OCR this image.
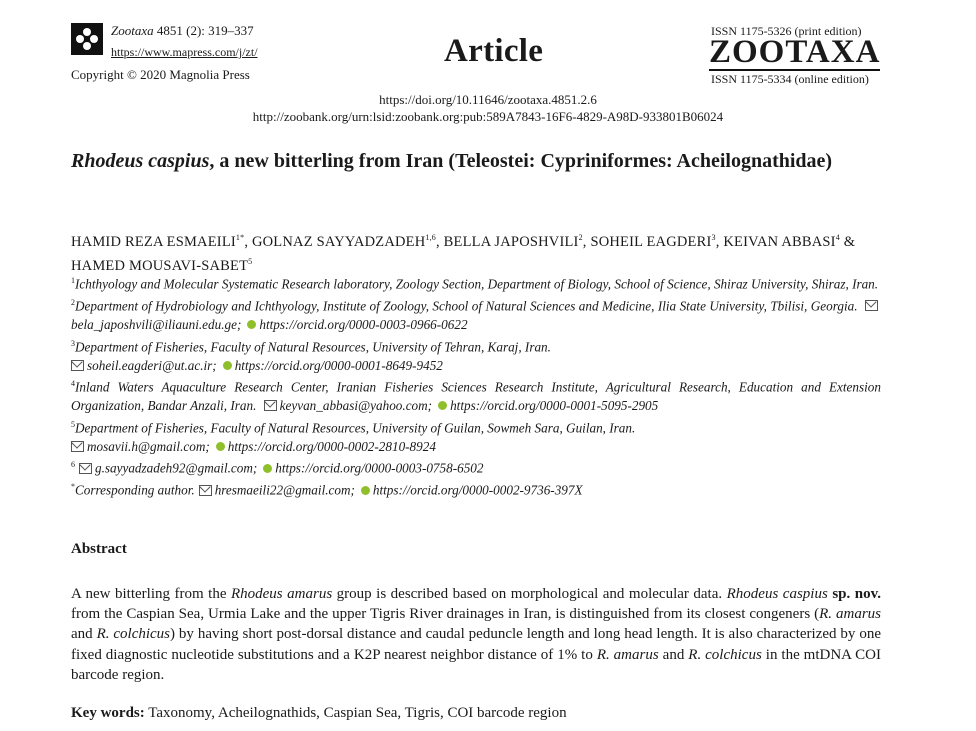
Zootaxa 4851 (2): 319–337
https://www.mapress.com/j/zt/
Copyright © 2020 Magnolia Press
Article
ISSN 1175-5326 (print edition)
ZOOTAXA
ISSN 1175-5334 (online edition)
https://doi.org/10.11646/zootaxa.4851.2.6
http://zoobank.org/urn:lsid:zoobank.org:pub:589A7843-16F6-4829-A98D-933801B06024
Rhodeus caspius, a new bitterling from Iran (Teleostei: Cypriniformes: Acheilognathidae)
HAMID REZA $ESMAEILI^{1*}$, GOLNAZ SAYYADZADEH$^{1,6}$, BELLA JAPOSHVILI$^2$, SOHEIL EAGDERI$^3$, KEIVAN ABBASI$^4$ & HAMED MOUSAVI-SABET$^5$
$^1$Ichthyology and Molecular Systematic Research laboratory, Zoology Section, Department of Biology, School of Science, Shiraz University, Shiraz, Iran.
$^2$Department of Hydrobiology and Ichthyology, Institute of Zoology, School of Natural Sciences and Medicine, Ilia State University, Tbilisi, Georgia. bela_japoshvili@iliauni.edu.ge; https://orcid.org/0000-0003-0966-0622
$^3$Department of Fisheries, Faculty of Natural Resources, University of Tehran, Karaj, Iran.
soheil.eagderi@ut.ac.ir; https://orcid.org/0000-0001-8649-9452
$^4$Inland Waters Aquaculture Research Center, Iranian Fisheries Sciences Research Institute, Agricultural Research, Education and Extension Organization, Bandar Anzali, Iran. keyvan_abbasi@yahoo.com; https://orcid.org/0000-0001-5095-2905
$^5$Department of Fisheries, Faculty of Natural Resources, University of Guilan, Sowmeh Sara, Guilan, Iran.
mosavii.h@gmail.com; https://orcid.org/0000-0002-2810-8924
$^6$ g.sayyadzadeh92@gmail.com; https://orcid.org/0000-0003-0758-6502
*Corresponding author. hresmaeili22@gmail.com; https://orcid.org/0000-0002-9736-397X
Abstract
A new bitterling from the Rhodeus amarus group is described based on morphological and molecular data. Rhodeus caspius sp. nov. from the Caspian Sea, Urmia Lake and the upper Tigris River drainages in Iran, is distinguished from its closest congeners (R. amarus and R. colchicus) by having short post-dorsal distance and caudal peduncle length and long head length. It is also characterized by one fixed diagnostic nucleotide substitutions and a K2P nearest neighbor distance of 1% to R. amarus and R. colchicus in the mtDNA COI barcode region.
Key words: Taxonomy, Acheilognathids, Caspian Sea, Tigris, COI barcode region
